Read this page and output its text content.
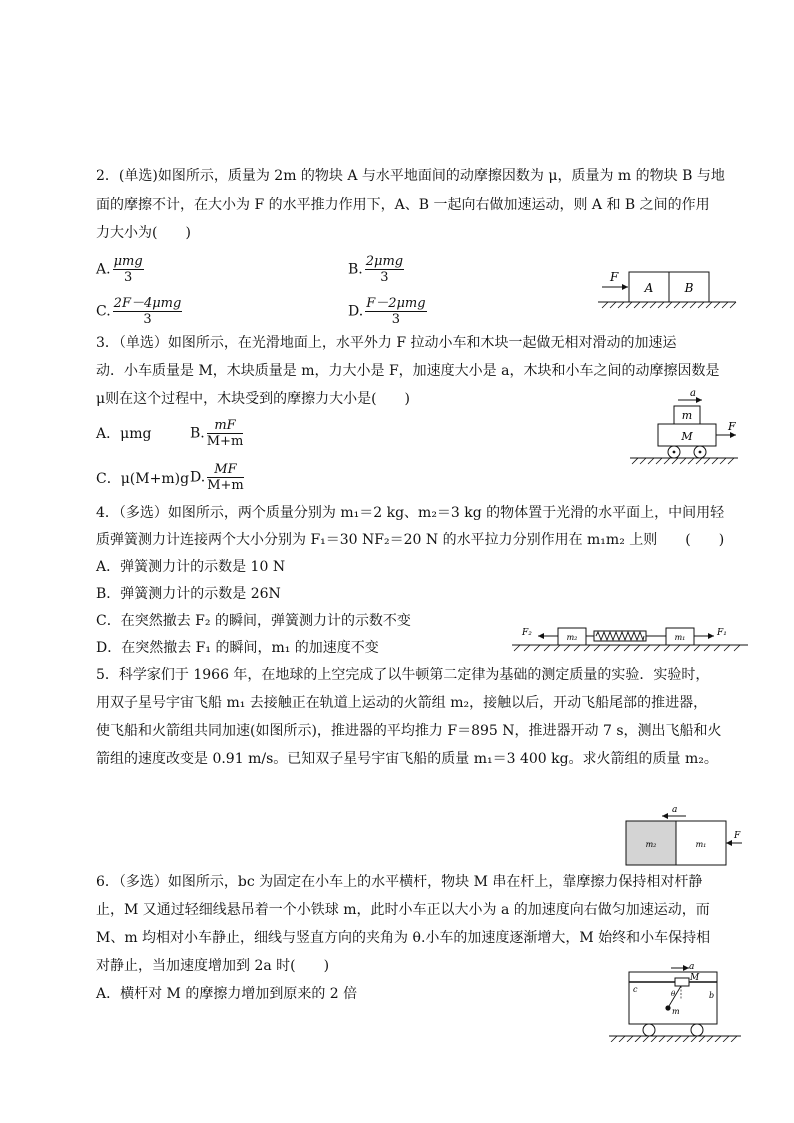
2．(单选)如图所示，质量为 2m 的物块 A 与水平地面间的动摩擦因数为 μ，质量为 m 的物块 B 与地
面的摩擦不计，在大小为 F 的水平推力作用下，A、B 一起向右做加速运动，则 A 和 B 之间的作用
力大小为(　　)
A. $\frac{\text{μmg}}{3}$	B. $\frac{\text{2μmg}}{3}$
C. $\frac{\text{2F－4μmg}}{3}$	D. $\frac{\text{F－2μmg}}{3}$
F
A	B
3．（单选）如图所示，在光滑地面上，水平外力 F 拉动小车和木块一起做无相对滑动的加速运
动．小车质量是 M，木块质量是 m，力大小是 F，加速度大小是 a，木块和小车之间的动摩擦因数是
μ则在这个过程中，木块受到的摩擦力大小是(　　)
A．μmg	B. $\frac{mF}{M+m}$
C．μ(M+m)g D. $\frac{MF}{M+m}$
a
m
M
F
4．（多选）如图所示，两个质量分别为 m₁＝2 kg、m₂＝3 kg 的物体置于光滑的水平面上，中间用轻
质弹簧测力计连接两个大小分别为 F₁＝30 NF₂＝20 N 的水平拉力分别作用在 m₁m₂ 上则　　(　　)
A．弹簧测力计的示数是 10 N
B．弹簧测力计的示数是 26N
C．在突然撤去 F₂ 的瞬间，弹簧测力计的示数不变
D．在突然撤去 F₁ 的瞬间，m₁ 的加速度不变
F₂	m₂	m₁	F₁
5．科学家们于 1966 年，在地球的上空完成了以牛顿第二定律为基础的测定质量的实验．实验时，
用双子星号宇宙飞船 m₁ 去接触正在轨道上运动的火箭组 m₂，接触以后，开动飞船尾部的推进器，
使飞船和火箭组共同加速(如图所示)，推进器的平均推力 F＝895 N，推进器开动 7 s，测出飞船和火
箭组的速度改变是 0.91 m/s。已知双子星号宇宙飞船的质量 m₁＝3 400 kg。求火箭组的质量 m₂。
a
m₂	m₁
F
6．（多选）如图所示，bc 为固定在小车上的水平横杆，物块 M 串在杆上，靠摩擦力保持相对杆静
止，M 又通过轻细线悬吊着一个小铁球 m，此时小车正以大小为 a 的加速度向右做匀加速运动，而
M、m 均相对小车静止，细线与竖直方向的夹角为 θ.小车的加速度逐渐增大，M 始终和小车保持相
对静止，当加速度增加到 2a 时(　　)
A．横杆对 M 的摩擦力增加到原来的 2 倍
a
M
c
b
θ
m
